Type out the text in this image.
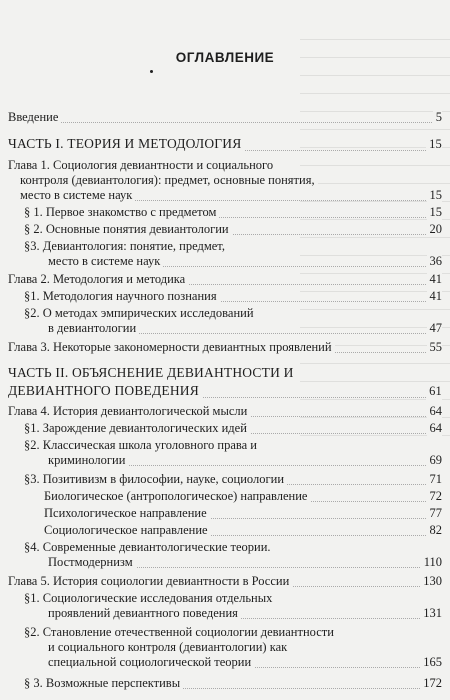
ОГЛАВЛЕНИЕ
Введение	5
ЧАСТЬ I. ТЕОРИЯ И МЕТОДОЛОГИЯ	15
Глава 1. Социология девиантности и социального
контроля (девиантология): предмет, основные понятия,
место в системе наук	15
§ 1. Первое знакомство с предметом	15
§ 2. Основные понятия девиантологии	20
§3. Девиантология: понятие, предмет,
место в системе наук	36
Глава 2. Методология и методика	41
§1. Методология научного познания	41
§2. О методах эмпирических исследований
в девиантологии	47
Глава 3. Некоторые закономерности девиантных проявлений	55
ЧАСТЬ II. ОБЪЯСНЕНИЕ ДЕВИАНТНОСТИ И
ДЕВИАНТНОГО ПОВЕДЕНИЯ	61
Глава 4. История девиантологической мысли	64
§1. Зарождение девиантологических идей	64
§2. Классическая школа уголовного права и
криминологии	69
§3. Позитивизм в философии, науке, социологии	71
Биологическое (антропологическое) направление	72
Психологическое направление	77
Социологическое направление	82
§4. Современные девиантологические теории.
Постмодернизм	110
Глава 5. История социологии девиантности в России	130
§1. Социологические исследования отдельных
проявлений девиантного поведения	131
§2. Становление отечественной социологии девиантности
и социального контроля (девиантологии) как
специальной социологической теории	165
§ 3. Возможные перспективы	172
